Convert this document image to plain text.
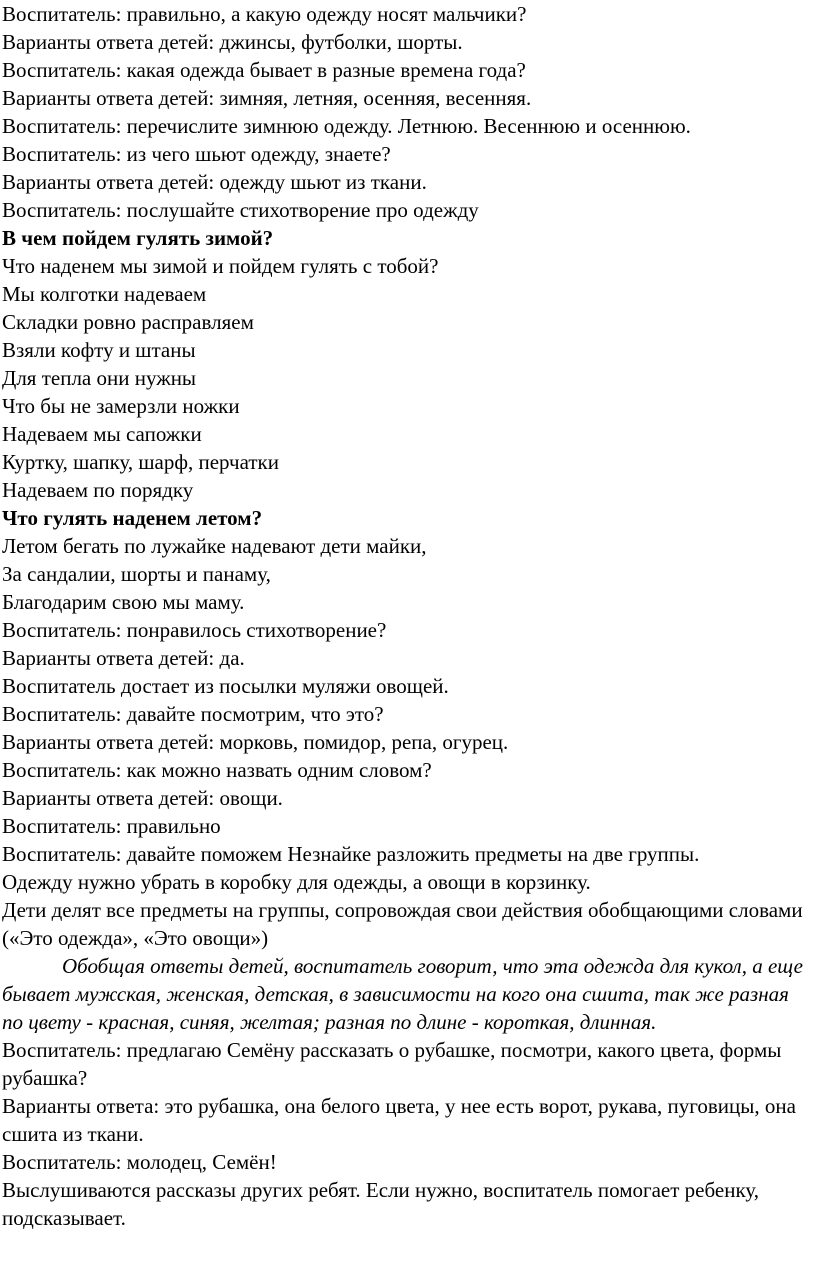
Воспитатель: правильно, а какую одежду носят мальчики?
Варианты ответа детей: джинсы, футболки, шорты.
Воспитатель: какая одежда бывает в разные времена года?
Варианты ответа детей: зимняя, летняя, осенняя, весенняя.
Воспитатель: перечислите зимнюю одежду. Летнюю. Весеннюю и осеннюю.
Воспитатель: из чего шьют одежду, знаете?
Варианты ответа детей: одежду шьют из ткани.
Воспитатель: послушайте стихотворение про одежду
В чем пойдем гулять зимой?
Что наденем мы зимой и пойдем гулять с тобой?
Мы колготки надеваем
Складки ровно расправляем
Взяли кофту и штаны
Для тепла они нужны
Что бы не замерзли ножки
Надеваем мы сапожки
Куртку, шапку, шарф, перчатки
Надеваем по порядку
Что гулять наденем летом?
Летом бегать по лужайке надевают дети майки,
За сандалии, шорты и панаму,
Благодарим свою мы маму.
Воспитатель: понравилось стихотворение?
Варианты ответа детей: да.
Воспитатель достает из посылки муляжи овощей.
Воспитатель: давайте посмотрим, что это?
Варианты ответа детей: морковь, помидор, репа, огурец.
Воспитатель: как можно назвать одним словом?
Варианты ответа детей: овощи.
Воспитатель: правильно
Воспитатель: давайте поможем Незнайке разложить предметы на две группы.
Одежду нужно убрать в коробку для одежды, а овощи в корзинку.
Дети делят все предметы на группы, сопровождая свои действия обобщающими словами («Это одежда», «Это овощи»)
Обобщая ответы детей, воспитатель говорит, что эта одежда для кукол, а еще бывает мужская, женская, детская, в зависимости на кого она сшита, так же разная по цвету - красная, синяя, желтая; разная по длине - короткая, длинная.
Воспитатель: предлагаю Семёну рассказать о рубашке, посмотри, какого цвета, формы рубашка?
Варианты ответа: это рубашка, она белого цвета, у нее есть ворот, рукава, пуговицы, она сшита из ткани.
Воспитатель: молодец, Семён!
Выслушиваются рассказы других ребят. Если нужно, воспитатель помогает ребенку, подсказывает.
